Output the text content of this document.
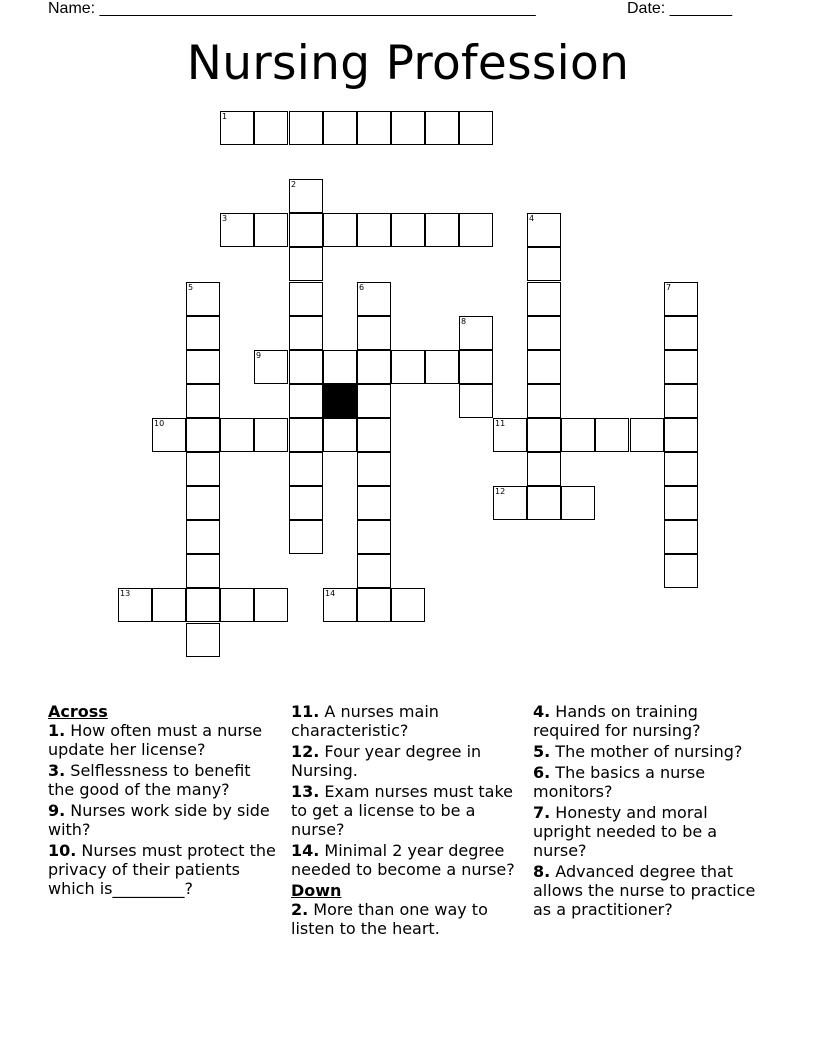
Name: _________________________________________________	Date: _______
Nursing Profession
1
3
9
10	11
12
13	14
2
4
5	6	7
8
Across
1. How often must a nurse update her license?
3. Selflessness to benefit the good of the many?
9. Nurses work side by side with?
10. Nurses must protect the privacy of their patients which is_________?
11. A nurses main characteristic?
12. Four year degree in Nursing.
13. Exam nurses must take to get a license to be a nurse?
14. Minimal 2 year degree needed to become a nurse?
Down
2. More than one way to listen to the heart.
4. Hands on training required for nursing?
5. The mother of nursing?
6. The basics a nurse monitors?
7. Honesty and moral upright needed to be a nurse?
8. Advanced degree that allows the nurse to practice as a practitioner?
